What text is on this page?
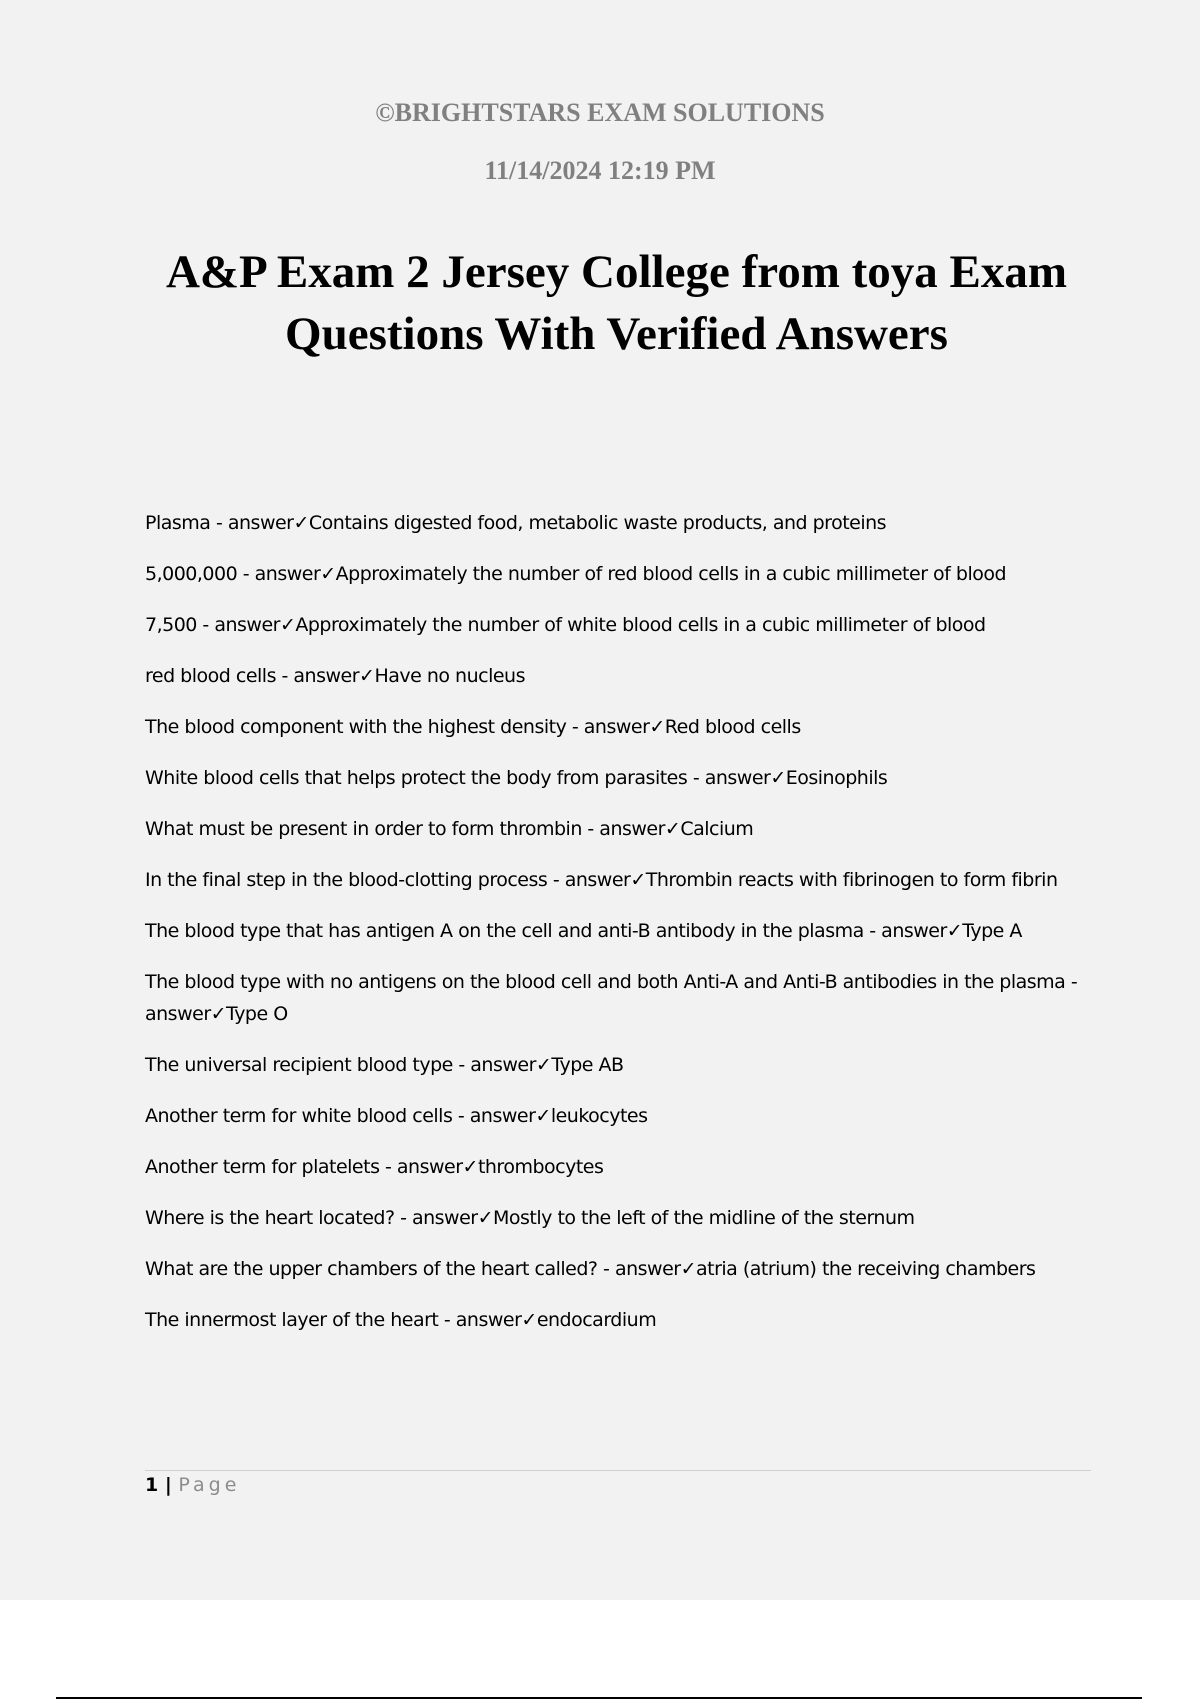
©BRIGHTSTARS EXAM SOLUTIONS

11/14/2024 12:19 PM

A&P Exam 2 Jersey College from toya Exam
Questions With Verified Answers
Plasma - answer✓Contains digested food, metabolic waste products, and proteins
5,000,000 - answer✓Approximately the number of red blood cells in a cubic millimeter of blood
7,500 - answer✓Approximately the number of white blood cells in a cubic millimeter of blood
red blood cells - answer✓Have no nucleus
The blood component with the highest density - answer✓Red blood cells
White blood cells that helps protect the body from parasites - answer✓Eosinophils
What must be present in order to form thrombin - answer✓Calcium
In the final step in the blood-clotting process - answer✓Thrombin reacts with fibrinogen to form fibrin
The blood type that has antigen A on the cell and anti-B antibody in the plasma - answer✓Type A
The blood type with no antigens on the blood cell and both Anti-A and Anti-B antibodies in the plasma - answer✓Type O
The universal recipient blood type - answer✓Type AB
Another term for white blood cells - answer✓leukocytes
Another term for platelets - answer✓thrombocytes
Where is the heart located? - answer✓Mostly to the left of the midline of the sternum
What are the upper chambers of the heart called? - answer✓atria (atrium) the receiving chambers
The innermost layer of the heart - answer✓endocardium
1 | Page
